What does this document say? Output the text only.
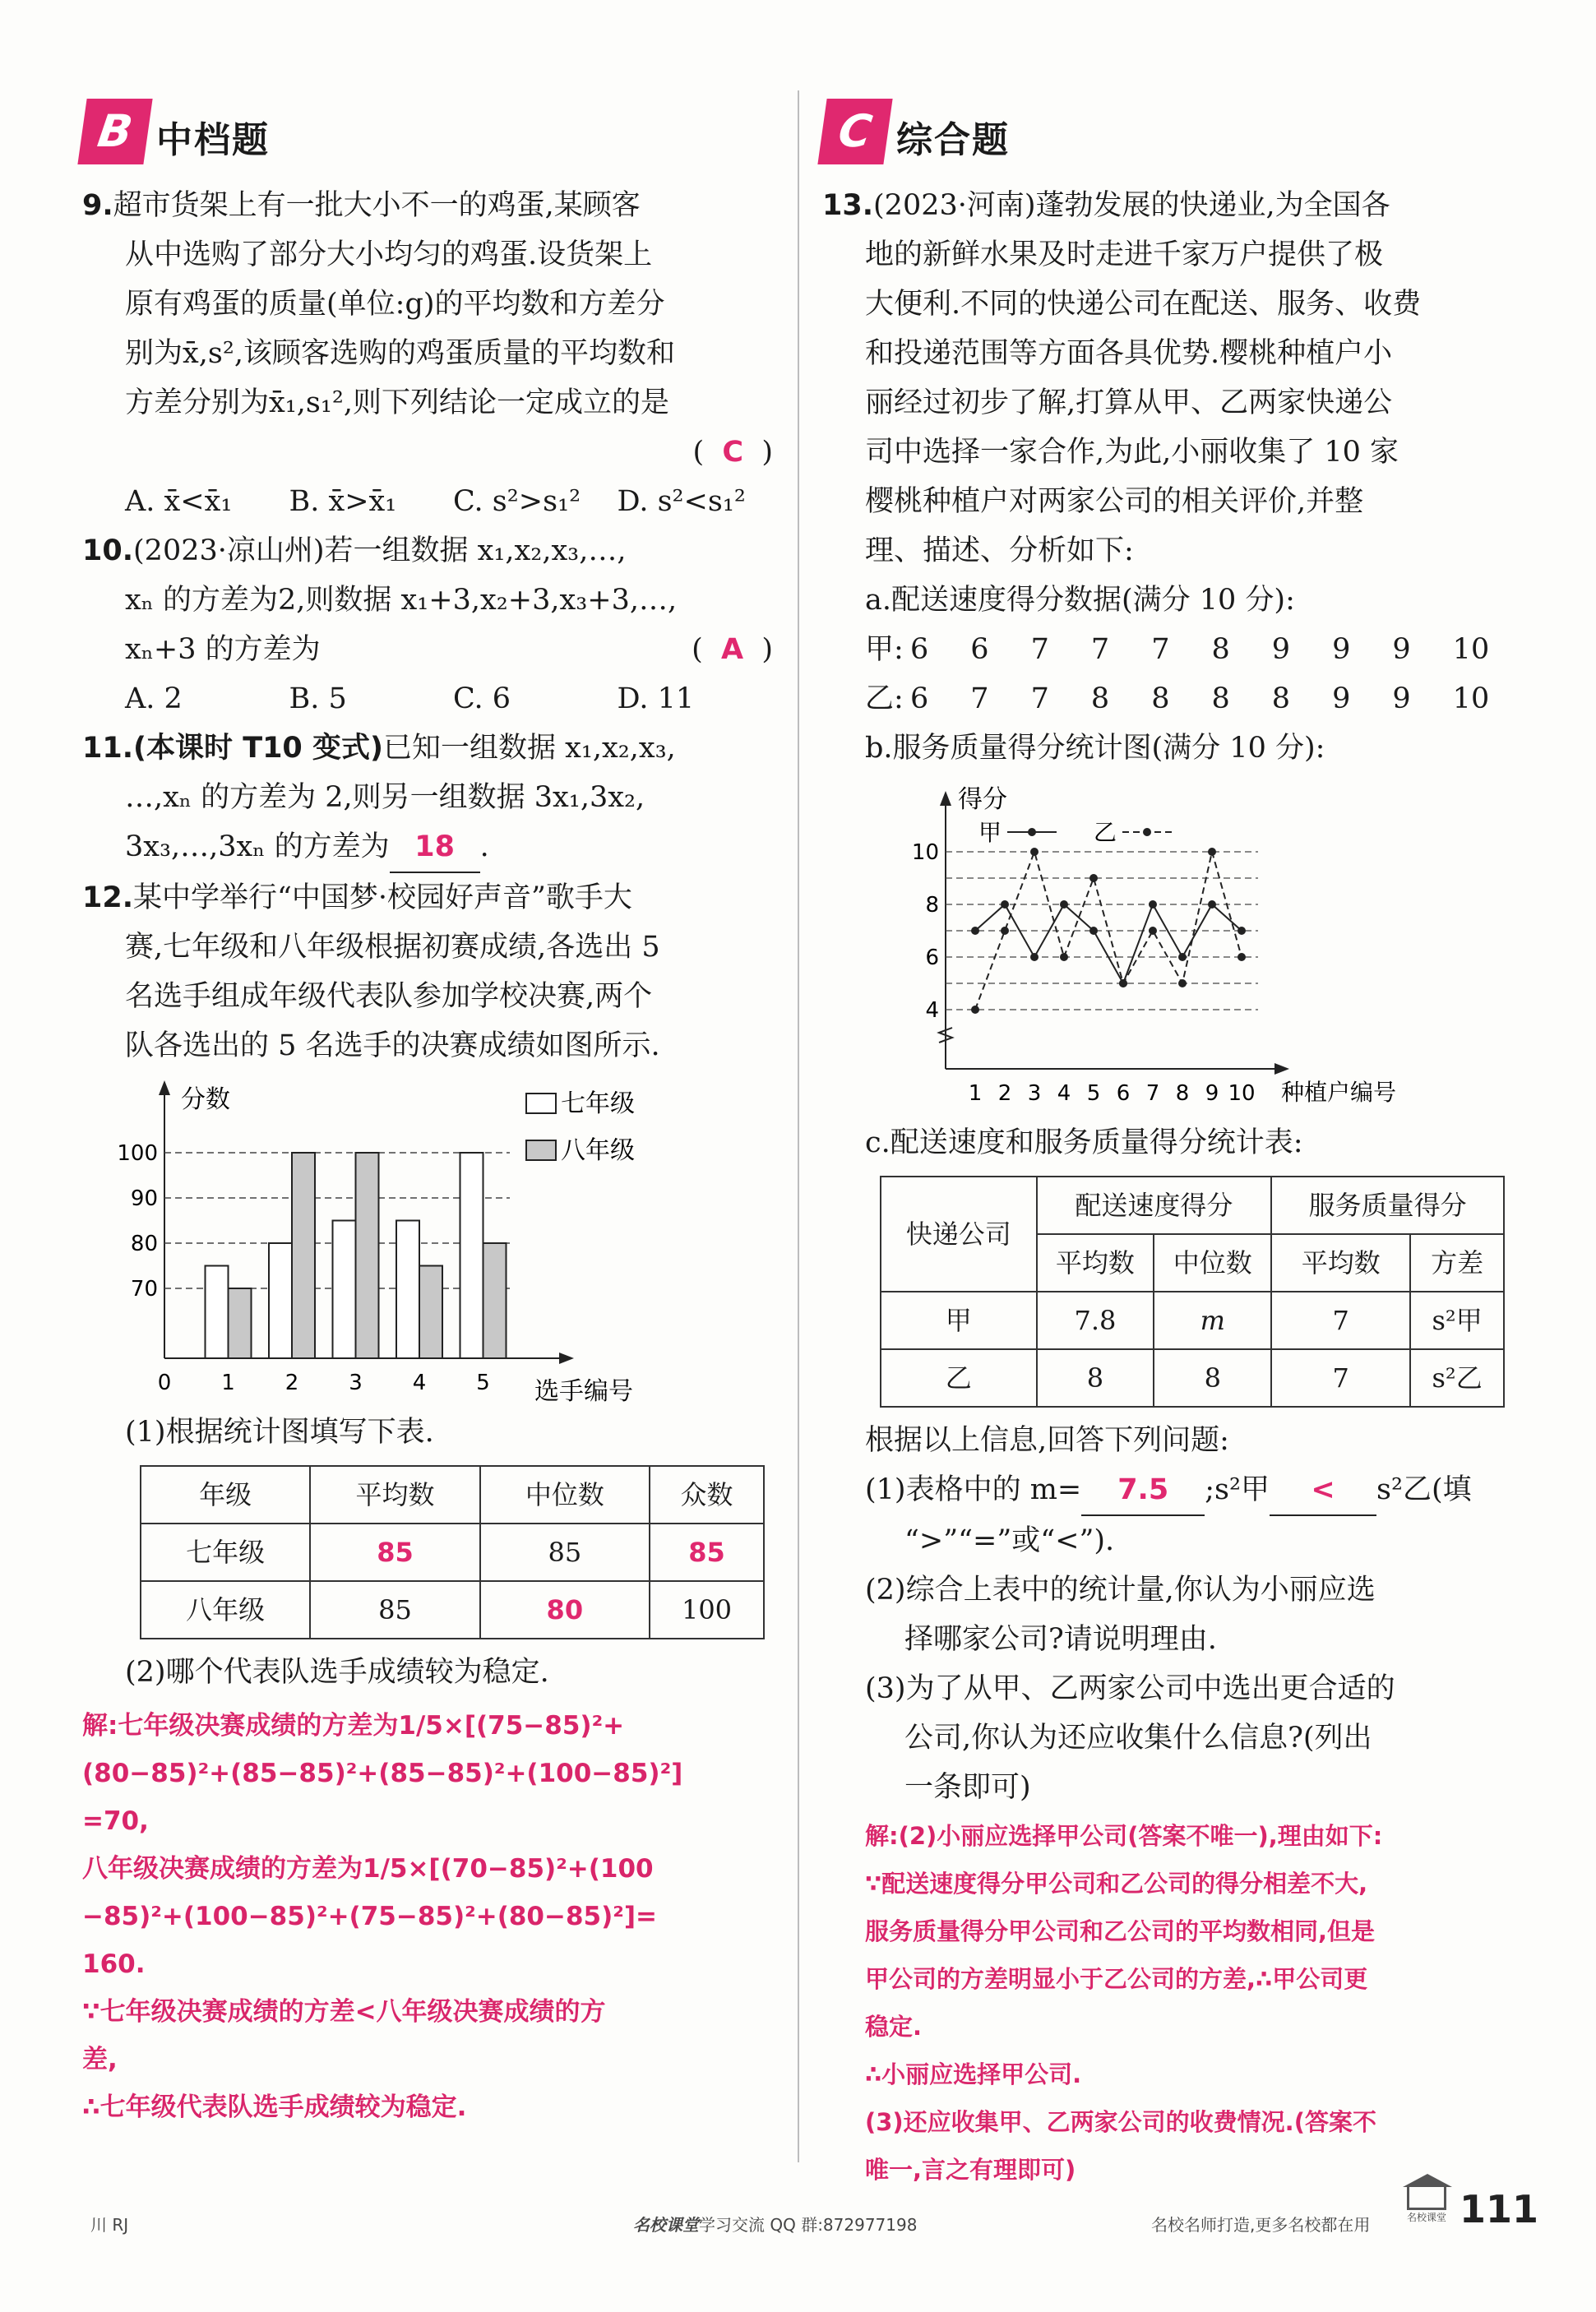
B 中档题

9.超市货架上有一批大小不一的鸡蛋,某顾客

从中选购了部分大小均匀的鸡蛋.设货架上

原有鸡蛋的质量(单位:g)的平均数和方差分

别为x̄,s²,该顾客选购的鸡蛋质量的平均数和

方差分别为x̄₁,s₁²,则下列结论一定成立的是

(  C  )

A. x̄<x̄₁	B. x̄>x̄₁	C. s²>s₁²	D. s²<s₁²

10.(2023·凉山州)若一组数据 x₁,x₂,x₃,…,

xₙ 的方差为2,则数据 x₁+3,x₂+3,x₃+3,…,

xₙ+3 的方差为	(  A  )

A. 2	B. 5	C. 6	D. 11

11.(本课时 T10 变式)已知一组数据 x₁,x₂,x₃,

…,xₙ 的方差为 2,则另一组数据 3x₁,3x₂,

3x₃,…,3xₙ 的方差为 18 .

12.某中学举行“中国梦·校园好声音”歌手大

赛,七年级和八年级根据初赛成绩,各选出 5

名选手组成年级代表队参加学校决赛,两个

队各选出的 5 名选手的决赛成绩如图所示.

分数
选手编号
70
80
90
100
0 1 2 3 4 5
七年级
八年级

(1)根据统计图填写下表.

年级	平均数	中位数	众数
七年级	85	85	85
八年级	85	80	100

(2)哪个代表队选手成绩较为稳定.

解:七年级决赛成绩的方差为1/5×[(75−85)²+

(80−85)²+(85−85)²+(85−85)²+(100−85)²]

=70,

八年级决赛成绩的方差为1/5×[(70−85)²+(100

−85)²+(100−85)²+(75−85)²+(80−85)²]=

160.

∵七年级决赛成绩的方差<八年级决赛成绩的方

差,

∴七年级代表队选手成绩较为稳定.

C 综合题

13.(2023·河南)蓬勃发展的快递业,为全国各

地的新鲜水果及时走进千家万户提供了极

大便利.不同的快递公司在配送、服务、收费

和投递范围等方面各具优势.樱桃种植户小

丽经过初步了解,打算从甲、乙两家快递公

司中选择一家合作,为此,小丽收集了 10 家

樱桃种植户对两家公司的相关评价,并整

理、描述、分析如下:

a.配送速度得分数据(满分 10 分):

甲: 6	6	7	7	7	8	9	9	9	10
乙: 6	7	7	8	8	8	8	9	9	10

b.服务质量得分统计图(满分 10 分):

得分
种植户编号
4
6
8
10
1 2 3 4 5 6 7 8 9 10
甲	乙

c.配送速度和服务质量得分统计表:

快递公司	配送速度得分		服务质量得分	
	平均数	中位数	平均数	方差
甲	7.8	m	7	s²甲
乙	8	8	7	s²乙

根据以上信息,回答下列问题:

(1)表格中的 m= 7.5 ;s²甲 < s²乙(填

“>”“=”或“<”).

(2)综合上表中的统计量,你认为小丽应选

择哪家公司?请说明理由.

(3)为了从甲、乙两家公司中选出更合适的

公司,你认为还应收集什么信息?(列出

一条即可)

解:(2)小丽应选择甲公司(答案不唯一),理由如下:

∵配送速度得分甲公司和乙公司的得分相差不大,

服务质量得分甲公司和乙公司的平均数相同,但是

甲公司的方差明显小于乙公司的方差,∴甲公司更

稳定.

∴小丽应选择甲公司.

(3)还应收集甲、乙两家公司的收费情况.(答案不

唯一,言之有理即可)

川 RJ	名校课堂学习交流 QQ 群:872977198	名校名师打造,更多名校都在用	名校课堂 111
